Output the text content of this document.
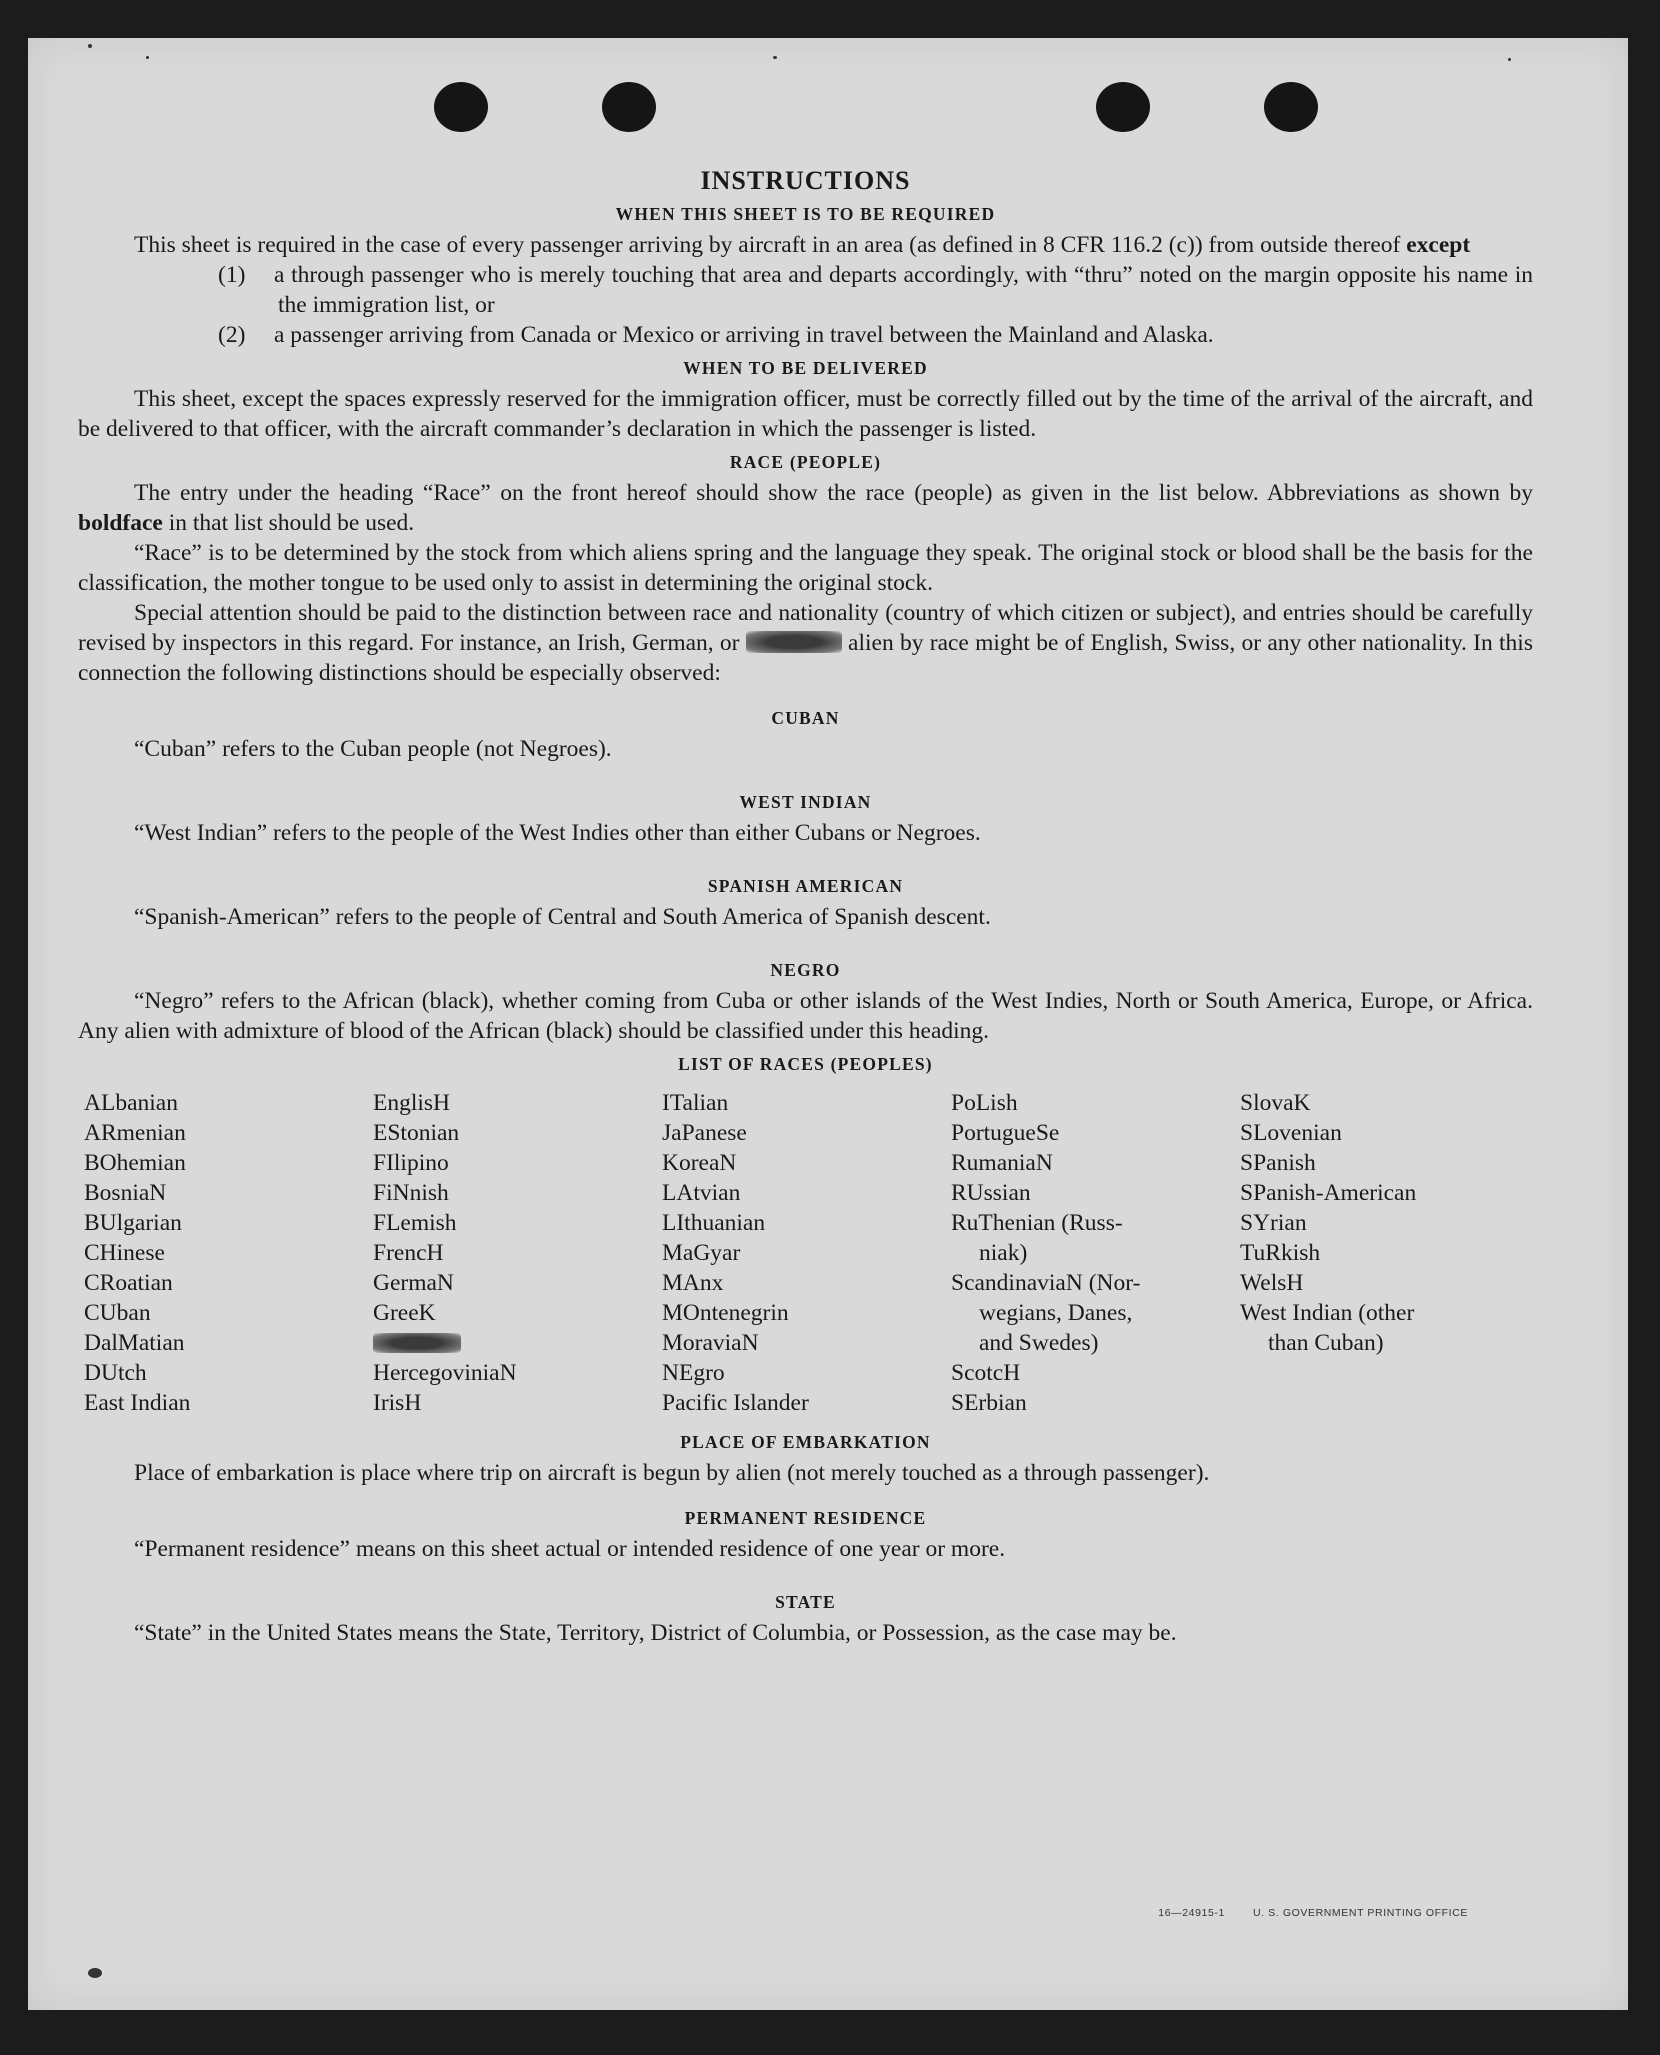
INSTRUCTIONS
WHEN THIS SHEET IS TO BE REQUIRED

This sheet is required in the case of every passenger arriving by aircraft in an area (as defined in 8 CFR 116.2 (c)) from outside thereof except

(1) a through passenger who is merely touching that area and departs accordingly, with “thru” noted on the margin opposite his name in the immigration list, or

(2) a passenger arriving from Canada or Mexico or arriving in travel between the Mainland and Alaska.

WHEN TO BE DELIVERED

This sheet, except the spaces expressly reserved for the immigration officer, must be correctly filled out by the time of the arrival of the aircraft, and be delivered to that officer, with the aircraft commander’s declaration in which the passenger is listed.

RACE (PEOPLE)

The entry under the heading “Race” on the front hereof should show the race (people) as given in the list below. Abbreviations as shown by boldface in that list should be used.

“Race” is to be determined by the stock from which aliens spring and the language they speak. The original stock or blood shall be the basis for the classification, the mother tongue to be used only to assist in determining the original stock.

Special attention should be paid to the distinction between race and nationality (country of which citizen or subject), and entries should be carefully revised by inspectors in this regard. For instance, an Irish, German, or	alien by race might be of English, Swiss, or any other nationality. In this connection the following distinctions should be especially observed:

CUBAN

“Cuban” refers to the Cuban people (not Negroes).

WEST INDIAN

“West Indian” refers to the people of the West Indies other than either Cubans or Negroes.

SPANISH AMERICAN

“Spanish-American” refers to the people of Central and South America of Spanish descent.

NEGRO

“Negro” refers to the African (black), whether coming from Cuba or other islands of the West Indies, North or South America, Europe, or Africa. Any alien with admixture of blood of the African (black) should be classified under this heading.

LIST OF RACES (PEOPLES)
ALbanian
ARmenian
BOhemian
BosniaN
BUlgarian
CHinese
CRoatian
CUban
DalMatian
DUtch
East Indian
EnglisH
EStonian
FIlipino
FiNnish
FLemish
FrencH
GermaN
GreeK
HercegoviniaN
IrisH
ITalian
JaPanese
KoreaN
LAtvian
LIthuanian
MaGyar
MAnx
MOntenegrin
MoraviaN
NEgro
Pacific Islander
PoLish
PortugueSe
RumaniaN
RUssian
RuThenian (Russ-
niak)
ScandinaviaN (Nor-
wegians, Danes,
and Swedes)
ScotcH
SErbian
SlovaK
SLovenian
SPanish
SPanish-American
SYrian
TuRkish
WelsH
West Indian (other
than Cuban)
PLACE OF EMBARKATION

Place of embarkation is place where trip on aircraft is begun by alien (not merely touched as a through passenger).

PERMANENT RESIDENCE

“Permanent residence” means on this sheet actual or intended residence of one year or more.

STATE

“State” in the United States means the State, Territory, District of Columbia, or Possession, as the case may be.

16—24915-1	U. S. GOVERNMENT PRINTING OFFICE
